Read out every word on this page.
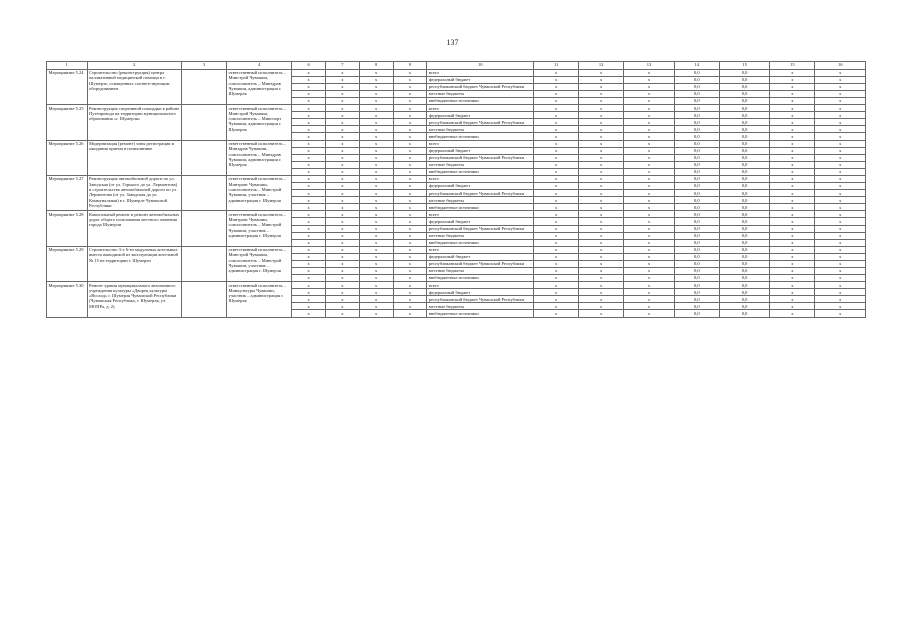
137
1	2	3	4	6	7	8	9	10	11	12	13	14	15	15	16
Мероприятие 5.24	Строительство (реконструкция) центра паллиативной медицинской помощи в г. Шумерле, оснащенных соответствующим оборудованием		ответственный исполнитель – Минстрой Чувашии, соисполнитель – Минздрав Чувашии, администрация г. Шумерля	x	x	x	x	всего	x	x	x	0,0	0,0	x	x
				x	x	x	x	федеральный бюджет	x	x	x	0,0	0,0	x	x
				x	x	x	x	республиканский бюджет Чувашской Республики	x	x	x	0,0	0,0	x	x
				x	x	x	x	местные бюджеты	x	x	x	0,0	0,0	x	x
				x	x	x	x	внебюджетные источники	x	x	x	0,0	0,0	x	x
Мероприятие 5.25	Реконструкция спортивной площадки в районе Путепровода на территории муниципального образования «г. Шумерля»		ответственный исполнитель – Минстрой Чувашии, соисполнитель – Минспорт Чувашии, администрация г. Шумерля	x	x	x	x	всего	x	x	x	0,0	0,0	x	x
				x	x	x	x	федеральный бюджет	x	x	x	0,0	0,0	x	x
				x	x	x	x	республиканский бюджет Чувашской Республики	x	x	x	0,0	0,0	x	x
				x	x	x	x	местные бюджеты	x	x	x	0,0	0,0	x	x
				x	x	x	x	внебюджетные источники	x	x	x	0,0	0,0	x	x
Мероприятие 5.26	Модернизация (ремонт) зоны регистрации и ожидания приема в поликлинике		ответственный исполнитель – Минздрав Чувашии, соисполнитель – Минздрав Чувашии, администрация г. Шумерля	x	x	x	x	всего	x	x	x	0,0	0,0	x	x
				x	x	x	x	федеральный бюджет	x	x	x	0,0	0,0	x	x
				x	x	x	x	республиканский бюджет Чувашской Республики	x	x	x	0,0	0,0	x	x
				x	x	x	x	местные бюджеты	x	x	x	0,0	0,0	x	x
				x	x	x	x	внебюджетные источники	x	x	x	0,0	0,0	x	x
Мероприятие 5.27	Реконструкция автомобильной дороги по ул. Заводская (от ул. Горького до ул. Лермонтова) и строительство автомобильной дороги по ул. Лермонтова (от ул. Заводская до ул. Коммунальная) в г. Шумерле Чувашской Республики		ответственный исполнитель – Минтранс Чувашии, соисполнитель – Минстрой Чувашии, участник – администрация г. Шумерля	x	x	x	x	всего	x	x	x	0,0	0,0	x	x
				x	x	x	x	федеральный бюджет	x	x	x	0,0	0,0	x	x
				x	x	x	x	республиканский бюджет Чувашской Республики	x	x	x	0,0	0,0	x	x
				x	x	x	x	местные бюджеты	x	x	x	0,0	0,0	x	x
				x	x	x	x	внебюджетные источники	x	x	x	0,0	0,0	x	x
Мероприятие 5.28	Капитальный ремонт и ремонт автомобильных дорог общего пользования местного значения города Шумерли		ответственный исполнитель – Минтранс Чувашии, соисполнитель – Минстрой Чувашии, участник – администрация г. Шумерля	x	x	x	x	всего	x	x	x	0,0	0,0	x	x
				x	x	x	x	федеральный бюджет	x	x	x	0,0	0,0	x	x
				x	x	x	x	республиканский бюджет Чувашской Республики	x	x	x	0,0	0,0	x	x
				x	x	x	x	местные бюджеты	x	x	x	0,0	0,0	x	x
				x	x	x	x	внебюджетные источники	x	x	x	0,0	0,0	x	x
Мероприятие 5.29	Строительство 3-х 6-ти модульных котельных вместо выводимой из эксплуатации котельной № 15 на территории г. Шумерли		ответственный исполнитель – Минстрой Чувашии, соисполнитель – Минстрой Чувашии, участник – администрация г. Шумерля	x	x	x	x	всего	x	x	x	0,0	0,0	x	x
				x	x	x	x	федеральный бюджет	x	x	x	0,0	0,0	x	x
				x	x	x	x	республиканский бюджет Чувашской Республики	x	x	x	0,0	0,0	x	x
				x	x	x	x	местные бюджеты	x	x	x	0,0	0,0	x	x
				x	x	x	x	внебюджетные источники	x	x	x	0,0	0,0	x	x
Мероприятие 5.30	Ремонт здания муниципального автономного учреждения культуры «Дворец культуры «Восход» г. Шумерля Чувашской Республики (Чувашская Республика, г. Шумерля, ул. МОПРа, д. 2)		ответственный исполнитель – Минкультуры Чувашии, участник – администрация г. Шумерля	x	x	x	x	всего	x	x	x	0,0	0,0	x	x
				x	x	x	x	федеральный бюджет	x	x	x	0,0	0,0	x	x
				x	x	x	x	республиканский бюджет Чувашской Республики	x	x	x	0,0	0,0	x	x
				x	x	x	x	местные бюджеты	x	x	x	0,0	0,0	x	x
				x	x	x	x	внебюджетные источники	x	x	x	0,0	0,0	x	x
